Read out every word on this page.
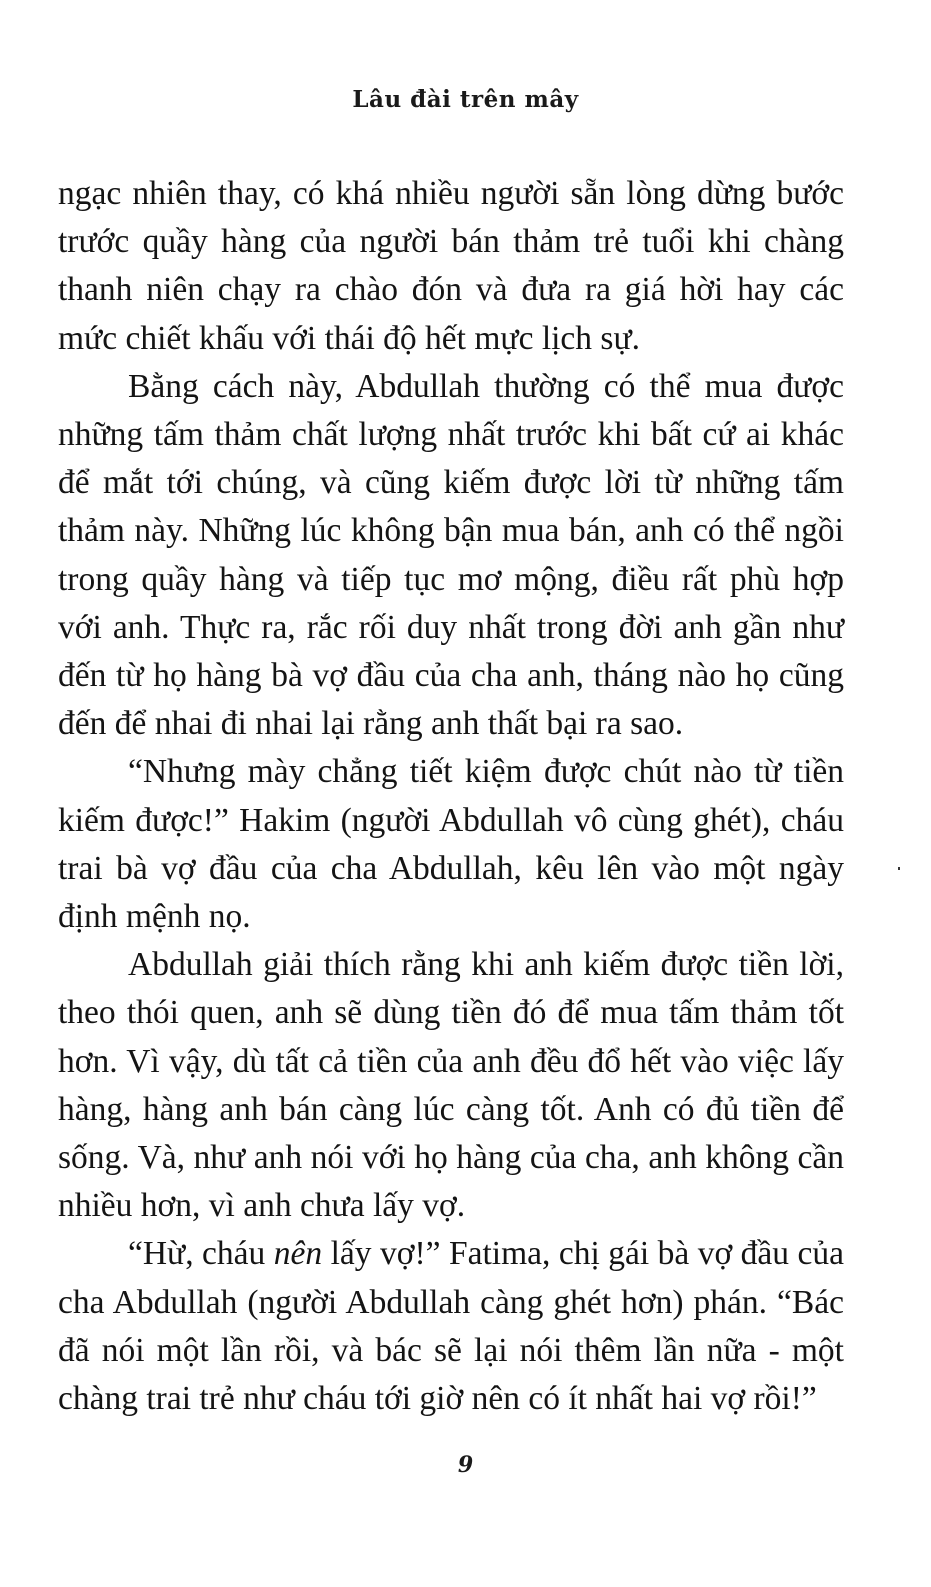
Lâu đài trên mây

ngạc nhiên thay, có khá nhiều người sẵn lòng dừng bước trước quầy hàng của người bán thảm trẻ tuổi khi chàng thanh niên chạy ra chào đón và đưa ra giá hời hay các mức chiết khấu với thái độ hết mực lịch sự.

Bằng cách này, Abdullah thường có thể mua được những tấm thảm chất lượng nhất trước khi bất cứ ai khác để mắt tới chúng, và cũng kiếm được lời từ những tấm thảm này. Những lúc không bận mua bán, anh có thể ngồi trong quầy hàng và tiếp tục mơ mộng, điều rất phù hợp với anh. Thực ra, rắc rối duy nhất trong đời anh gần như đến từ họ hàng bà vợ đầu của cha anh, tháng nào họ cũng đến để nhai đi nhai lại rằng anh thất bại ra sao.

“Nhưng mày chẳng tiết kiệm được chút nào từ tiền kiếm được!” Hakim (người Abdullah vô cùng ghét), cháu trai bà vợ đầu của cha Abdullah, kêu lên vào một ngày định mệnh nọ.

Abdullah giải thích rằng khi anh kiếm được tiền lời, theo thói quen, anh sẽ dùng tiền đó để mua tấm thảm tốt hơn. Vì vậy, dù tất cả tiền của anh đều đổ hết vào việc lấy hàng, hàng anh bán càng lúc càng tốt. Anh có đủ tiền để sống. Và, như anh nói với họ hàng của cha, anh không cần nhiều hơn, vì anh chưa lấy vợ.

“Hừ, cháu nên lấy vợ!” Fatima, chị gái bà vợ đầu của cha Abdullah (người Abdullah càng ghét hơn) phán. “Bác đã nói một lần rồi, và bác sẽ lại nói thêm lần nữa - một chàng trai trẻ như cháu tới giờ nên có ít nhất hai vợ rồi!”

9
